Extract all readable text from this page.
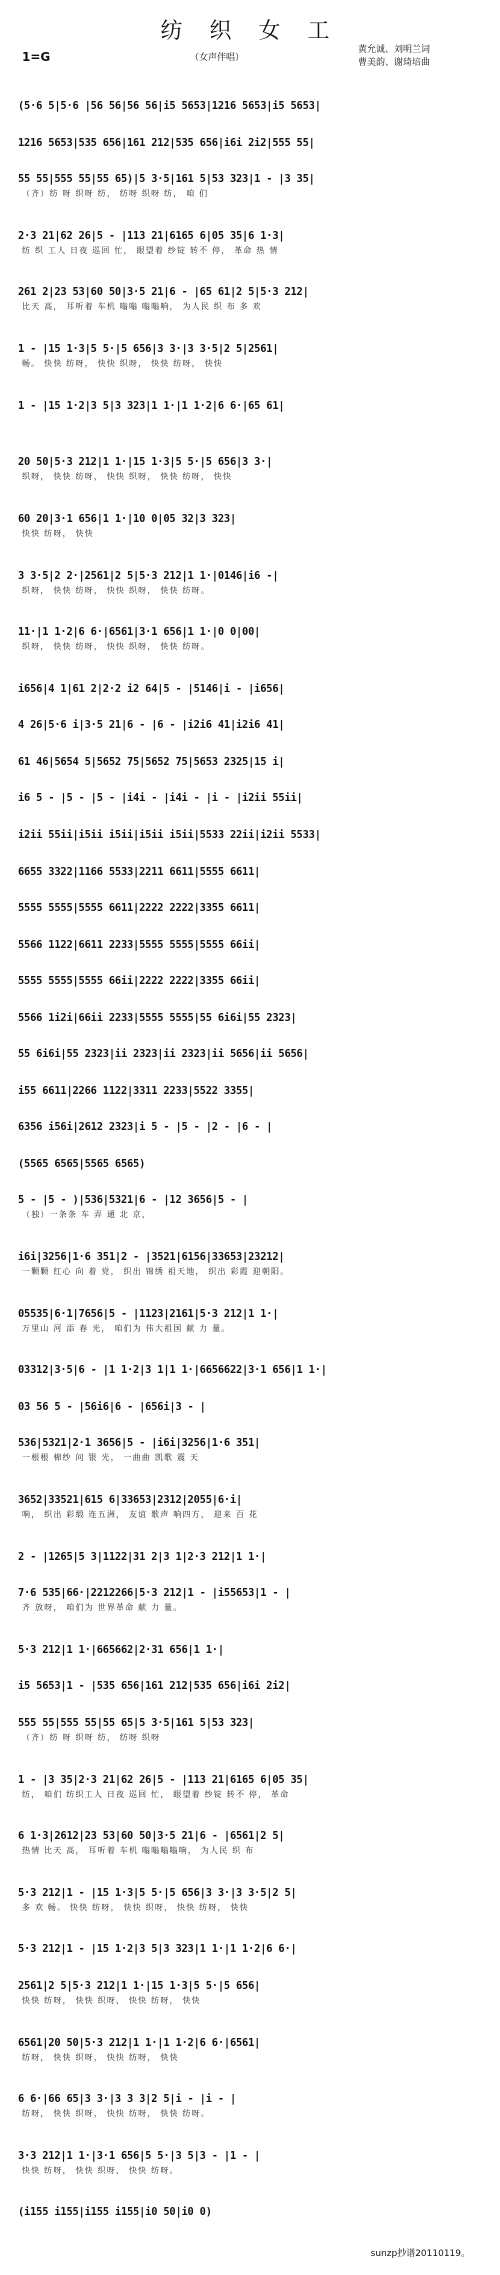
纺 织 女 工
1=G	（女声伴唱）
黄允诚、刘明兰词
曹美韵、谢琦培曲
(5·6 5|5·6 |56 56|56 56|i5 5653|1216 5653|i5 5653|
1216 5653|535 656|161 212|535 656|i6i 2i2|555 55|
55 55|555 55|55 65)|5 3·5|161 5|53 323|1 - |3 35|
（齐）纺 呀 织呀 纺， 纺呀 织呀 纺， 咱 们
2·3 21|62 26|5 - |113 21|6165 6|05 35|6 1·3|
纺 织 工人 日夜 巡回 忙， 眼望着 纱锭 转不 停， 革命 热 情
261 2|23 53|60 50|3·5 21|6 - |65 61|2 5|5·3 212|
比天 高， 耳听着 车机 嗡嗡 嗡嗡响， 为人民 织 布 多 欢
1 - |15 1·3|5 5·|5 656|3 3·|3 3·5|2 5|2561|
畅。 快快 纺呀， 快快 织呀， 快快 纺呀， 快快
1 - |15 1·2|3 5|3 323|1 1·|1 1·2|6 6·|65 61|
20 50|5·3 212|1 1·|15 1·3|5 5·|5 656|3 3·|
织呀， 快快 纺呀， 快快 织呀， 快快 纺呀， 快快
60 20|3·1 656|1 1·|10 0|05 32|3 323|
快快 纺呀， 快快
3 3·5|2 2·|2561|2 5|5·3 212|1 1·|0146|i6 -|
织呀， 快快 纺呀， 快快 织呀， 快快 纺呀。
11·|1 1·2|6 6·|6561|3·1 656|1 1·|0 0|00|
织呀， 快快 纺呀， 快快 织呀， 快快 纺呀。
i656|4 1|61 2|2·2 i2 64|5 - |5146|i - |i656|
4 26|5·6 i|3·5 21|6 - |6 - |i2i6 41|i2i6 41|
61 46|5654 5|5652 75|5652 75|5653 2325|15 i|
i6 5 - |5 - |5 - |i4i - |i4i - |i - |i2ii 55ii|
i2ii 55ii|i5ii i5ii|i5ii i5ii|5533 22ii|i2ii 5533|
6655 3322|1166 5533|2211 6611|5555 6611|
5555 5555|5555 6611|2222 2222|3355 6611|
5566 1122|6611 2233|5555 5555|5555 66ii|
5555 5555|5555 66ii|2222 2222|3355 66ii|
5566 1i2i|66ii 2233|5555 5555|55 6i6i|55 2323|
55 6i6i|55 2323|ii 2323|ii 2323|ii 5656|ii 5656|
i55 6611|2266 1122|3311 2233|5522 3355|
6356 i56i|2612 2323|i 5 - |5 - |2 - |6 - |
(5565 6565|5565 6565)
5 - |5 - )|536|5321|6 - |12 3656|5 - |
（独）一条条 车 弄 通 北 京，
i6i|3256|1·6 351|2 - |3521|6156|33653|23212|
一颗颗 红心 向 着 党， 织出 锦绣 祖天地， 织出 彩霞 迎朝阳。
05535|6·1|7656|5 - |1123|2161|5·3 212|1 1·|
万里山 河 添 春 光， 咱们为 伟大祖国 献 力 量。
03312|3·5|6 - |1 1·2|3 1|1 1·|6656622|3·1 656|1 1·|
03 56 5 - |56i6|6 - |656i|3 - |
536|5321|2·1 3656|5 - |i6i|3256|1·6 351|
一根根 棉纱 问 银 光， 一曲曲 凯歌 震 天
3652|33521|615 6|33653|2312|2055|6·i|
响， 织出 彩缎 连五洲， 友谊 歌声 响四方， 迎来 百 花
2 - |1265|5 3|1122|31 2|3 1|2·3 212|1 1·|
7·6 535|66·|2212266|5·3 212|1 - |i55653|1 - |
齐 放呀， 咱们为 世界革命 献 力 量。
5·3 212|1 1·|665662|2·31 656|1 1·|
i5 5653|1 - |535 656|161 212|535 656|i6i 2i2|
555 55|555 55|55 65|5 3·5|161 5|53 323|
（齐）纺 呀 织呀 纺， 纺呀 织呀
1 - |3 35|2·3 21|62 26|5 - |113 21|6165 6|05 35|
纺， 咱们 纺织工人 日夜 巡回 忙， 眼望着 纱锭 转不 停， 革命
6 1·3|2612|23 53|60 50|3·5 21|6 - |6561|2 5|
热情 比天 高， 耳听着 车机 嗡嗡嗡嗡响， 为人民 织 布
5·3 212|1 - |15 1·3|5 5·|5 656|3 3·|3 3·5|2 5|
多 欢 畅。 快快 纺呀， 快快 织呀， 快快 纺呀， 快快
5·3 212|1 - |15 1·2|3 5|3 323|1 1·|1 1·2|6 6·|
2561|2 5|5·3 212|1 1·|15 1·3|5 5·|5 656|
快快 纺呀， 快快 织呀， 快快 纺呀， 快快
6561|20 50|5·3 212|1 1·|1 1·2|6 6·|6561|
纺呀， 快快 织呀， 快快 纺呀， 快快
6 6·|66 65|3 3·|3 3 3|2 5|i - |i - |
纺呀， 快快 织呀， 快快 纺呀， 快快 纺呀。
3·3 212|1 1·|3·1 656|5 5·|3 5|3 - |1 - |
快快 纺呀， 快快 织呀， 快快 纺呀。
(i155 i155|i155 i155|i0 50|i0 0)
sunzp抄谱20110119。
